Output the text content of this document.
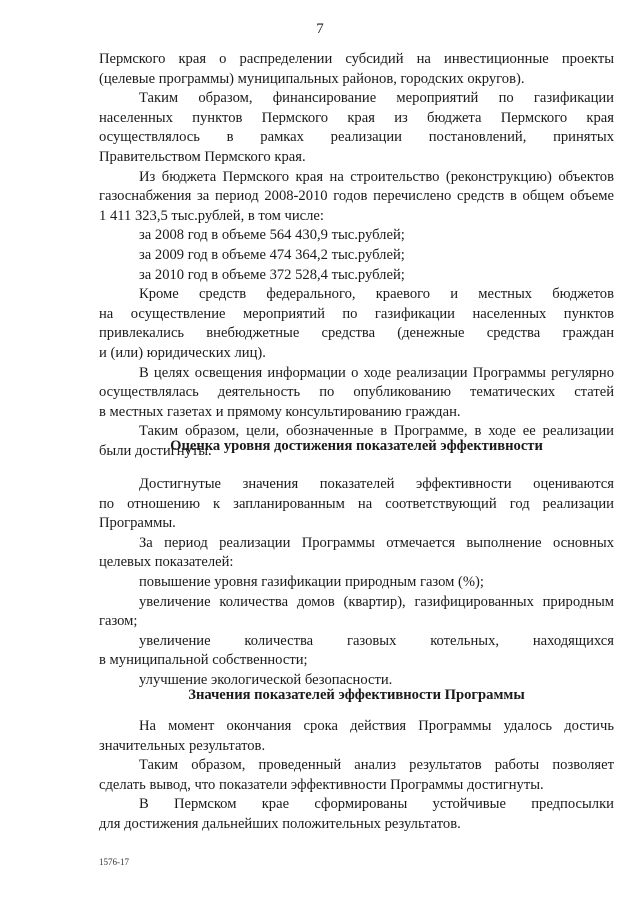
7

Пермского края о распределении субсидий на инвестиционные проекты

(целевые программы) муниципальных районов, городских округов).

Таким образом, финансирование мероприятий по газификации

населенных пунктов Пермского края из бюджета Пермского края

осуществлялось в рамках реализации постановлений, принятых

Правительством Пермского края.

Из бюджета Пермского края на строительство (реконструкцию) объектов

газоснабжения за период 2008-2010 годов перечислено средств в общем объеме

1 411 323,5 тыс.рублей, в том числе:

за 2008 год в объеме 564 430,9 тыс.рублей;

за 2009 год в объеме 474 364,2 тыс.рублей;

за 2010 год в объеме 372 528,4 тыс.рублей;

Кроме средств федерального, краевого и местных бюджетов

на осуществление мероприятий по газификации населенных пунктов

привлекались внебюджетные средства (денежные средства граждан

и (или) юридических лиц).

В целях освещения информации о ходе реализации Программы регулярно

осуществлялась деятельность по опубликованию тематических статей

в местных газетах и прямому консультированию граждан.

Таким образом, цели, обозначенные в Программе, в ходе ее реализации

были достигнуты.

Оценка уровня достижения показателей эффективности

Достигнутые значения показателей эффективности оцениваются

по отношению к запланированным на соответствующий год реализации

Программы.

За период реализации Программы отмечается выполнение основных

целевых показателей:

повышение уровня газификации природным газом (%);

увеличение количества домов (квартир), газифицированных природным

газом;

увеличение количества газовых котельных, находящихся

в муниципальной собственности;

улучшение экологической безопасности.

Значения показателей эффективности Программы

На момент окончания срока действия Программы удалось достичь

значительных результатов.

Таким образом, проведенный анализ результатов работы позволяет

сделать вывод, что показатели эффективности Программы достигнуты.

В Пермском крае сформированы устойчивые предпосылки

для достижения дальнейших положительных результатов.

1576-17
